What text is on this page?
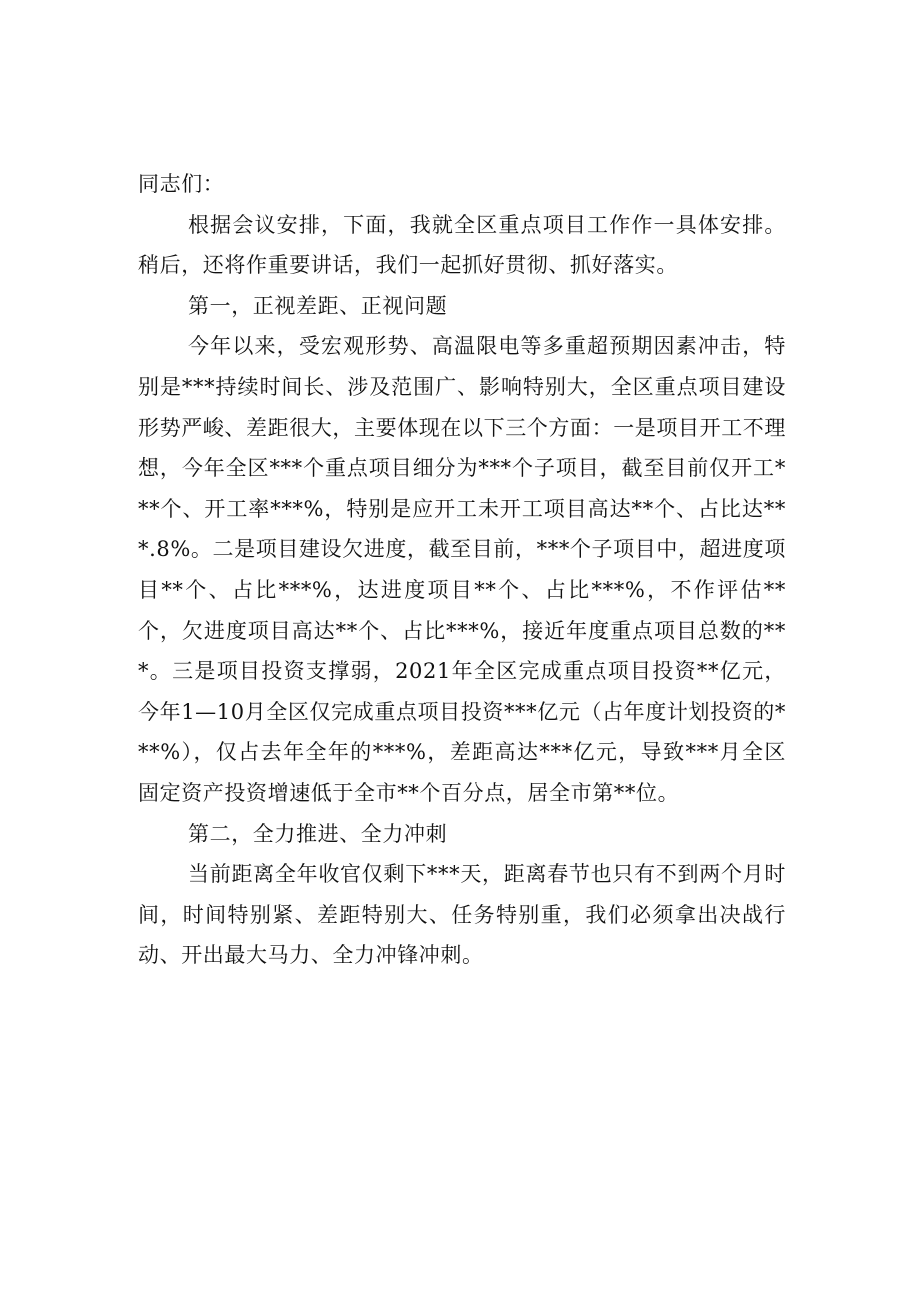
同志们：

根据会议安排，下面，我就全区重点项目工作作一具体安排。稍后，还将作重要讲话，我们一起抓好贯彻、抓好落实。

第一，正视差距、正视问题

今年以来，受宏观形势、高温限电等多重超预期因素冲击，特别是***持续时间长、涉及范围广、影响特别大，全区重点项目建设形势严峻、差距很大，主要体现在以下三个方面：一是项目开工不理想，今年全区***个重点项目细分为***个子项目，截至目前仅开工***个、开工率***%，特别是应开工未开工项目高达**个、占比达***.8%。二是项目建设欠进度，截至目前，***个子项目中，超进度项目**个、占比***%，达进度项目**个、占比***%，不作评估**个，欠进度项目高达**个、占比***%，接近年度重点项目总数的***。三是项目投资支撑弱，2021年全区完成重点项目投资**亿元，今年1—10月全区仅完成重点项目投资***亿元（占年度计划投资的***%），仅占去年全年的***%，差距高达***亿元，导致***月全区固定资产投资增速低于全市**个百分点，居全市第**位。

第二，全力推进、全力冲刺

当前距离全年收官仅剩下***天，距离春节也只有不到两个月时间，时间特别紧、差距特别大、任务特别重，我们必须拿出决战行动、开出最大马力、全力冲锋冲刺。
